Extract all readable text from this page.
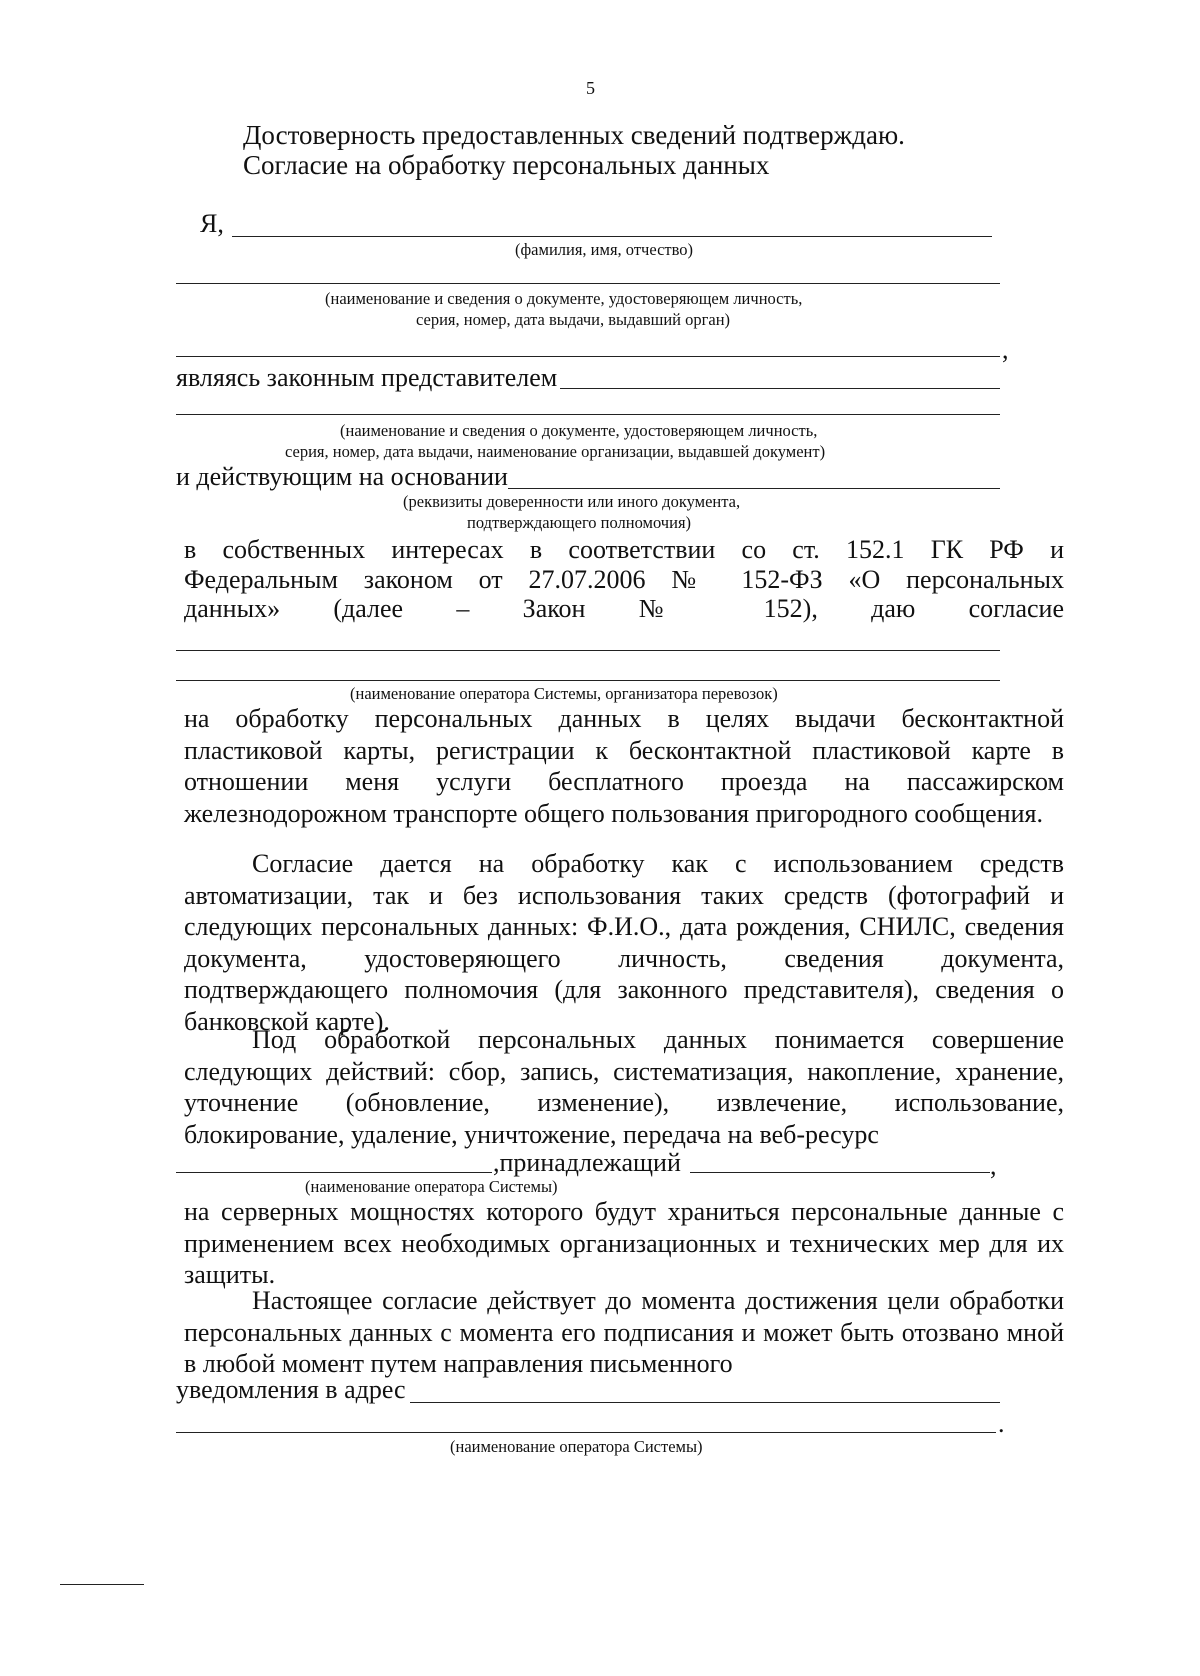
5
Достоверность предоставленных сведений подтверждаю.
Согласие на обработку персональных данных
Я,
(фамилия, имя, отчество)
(наименование и сведения о документе, удостоверяющем личность,
серия, номер, дата выдачи, выдавший орган)
,
являясь законным представителем
(наименование и сведения о документе, удостоверяющем личность,
серия, номер, дата выдачи, наименование организации, выдавшей документ)
и действующим на основании
(реквизиты доверенности или иного документа,
подтверждающего полномочия)
в собственных интересах в соответствии со ст. 152.1 ГК РФ и
Федеральным законом от 27.07.2006 № 152-ФЗ «О персональных
данных» (далее – Закон № 152), даю согласие
(наименование оператора Системы, организатора перевозок)
на обработку персональных данных в целях выдачи бесконтактной пластиковой карты, регистрации к бесконтактной пластиковой карте в отношении меня услуги бесплатного проезда на пассажирском железнодорожном транспорте общего пользования пригородного сообщения.
Согласие дается на обработку как с использованием средств автоматизации, так и без использования таких средств (фотографий и следующих персональных данных: Ф.И.О., дата рождения, СНИЛС, сведения документа, удостоверяющего личность, сведения документа, подтверждающего полномочия (для законного представителя), сведения о банковской карте).
Под обработкой персональных данных понимается совершение следующих действий: сбор, запись, систематизация, накопление, хранение, уточнение (обновление, изменение), извлечение, использование, блокирование, удаление, уничтожение, передача на веб-ресурс
,принадлежащий	,
(наименование оператора Системы)
на серверных мощностях которого будут храниться персональные данные с применением всех необходимых организационных и технических мер для их защиты.
Настоящее согласие действует до момента достижения цели обработки персональных данных с момента его подписания и может быть отозвано мной в любой момент путем направления письменного
уведомления в адрес
.
(наименование оператора Системы)
